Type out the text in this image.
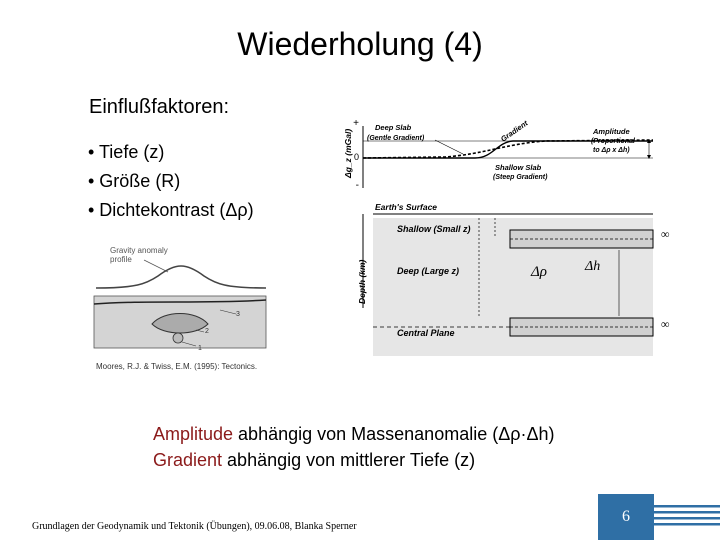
Wiederholung (4)
Einflußfaktoren:
• Tiefe (z)
• Größe (R)
• Dichtekontrast (Δρ)
Gravity anomaly
profile
3
2
1
Moores, R.J. & Twiss, E.M. (1995): Tectonics.
+
0
-
Δg_z (mGal)
Deep Slab
(Gentle Gradient)	Gradient
Shallow Slab
(Steep Gradient)
Amplitude
(Proportional
to Δρ x Δh)
Earth's Surface
Depth (km)
Shallow (Small z)	∞
Deep (Large z)
∞
Central Plane
Δρ	Δh
Amplitude abhängig von Massenanomalie (Δρ·Δh)
Gradient abhängig von mittlerer Tiefe (z)
Grundlagen der Geodynamik und Tektonik (Übungen), 09.06.08, Blanka Sperner
6
